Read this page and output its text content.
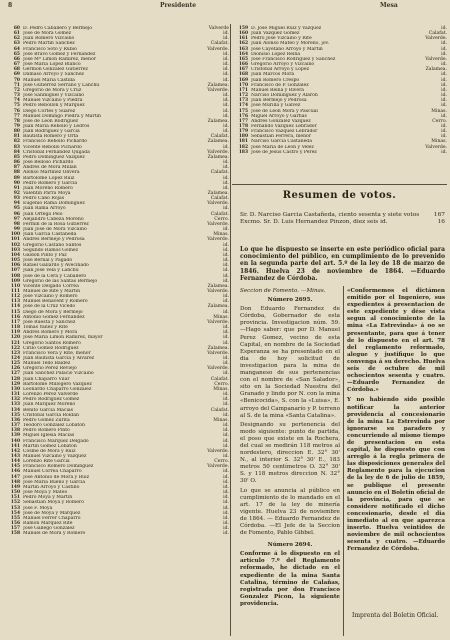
8	Presidente	Mesa
60 D. Pedro Caballero y Bermejo	Valverde
61 José de Mora Gomez	id.
62 Juan Romero Vizcaino	id.
63 Pedro Martin Sanchez	Calafat.
64 Francisco Soto y Rubio	Valverde.
65 José Bravo Gomez y Fernandez	id.
66 José Mª Limon Ramirez, menor	id.
67 José María Lopez Blanco	id.
68 Germon Gonzalez Gutierrez	id.
69 Damaso Arroyo y Sanchez	id.
70 Manuel Maria Castilla	id.
71 José Gutierrez Serrano y Lanchu	Zalamea.
72 Gregorio de Mora y Cruz	Valverde.
73 José Sanmiguel y Vizcaino	id.
74 Manuel Vizcaino y Piedra	id.
75 Pedro Rebollon y Marquez	id.
76 Diego Cortes y Suarez	id.
77 Manuel Domingo Piedra y Martin	id.
78 José de Leon Rodriguez	Zalamea.
79 Juan María Rebollo y Ledros	id.
80 Juan Rodriguez y Garcia	id.
81 Bautista Romero y Orta	Calafat.
82 Francisco Rebollo Pichardo	Zalamea.
83 Vicente Rebollo Pichardo	id.
84 Cristóbal Fernandez Quijada	Valverde.
85 Pedro Dominguez Vazquez	Zalamea.
86 José Belloso Pichardo	id.
87 Andrés de Mora Millan	id.
88 Alonso Martinez Olivera	Calafat.
89 Bartolomé Lopez Ruiz	id.
90 Pedro Romero y Garcia	id.
91 Juan Moreno Romero	id.
92 Valentin Parra Moya	Zalamea.
93 Pedro Cano Rojas	Calafat.
94 Eugenio Rama Dominguez	Valverde.
95 Juan Rama Arroyo	id.
96 Juan Ortega Pelo	Calafat.
97 Alejandro Cabeza Moreno	Cerro.
98 Fermin de la Rosa Gutierrez	Valverde.
99 Juan José de Mora Vizcaino	id.
100 Juan Garcia Castaneda	Minas.
101 Andrés Bermejo y Pedrosa	Valverde.
102 Gregorio Castaño Santos	id.
103 Segundo Ramos Gomez	id.
104 Galdon Pinto y Paz	id.
105 José Bernal y Pagado	id.
106 Rafael Gallardo y Avecinado	id.
107 Juan José Vela y Lanchu	id.
108 José de la Cera y Caballero	id.
109 Gregorio de las Santas Bermejo	id.
110 Vicente Delgado Correa	Zalamea.
111 Manuel de Rite y Martin	Valverde.
112 José Vizcaino y Romero	id.
113 Manuel Benavent y Romero	id.
114 José de la Cruz Vicedo	Zalamea.
115 Diego de Mora y Bermejo	id.
116 Antonio Gomez Fernandez	Minas.
117 José Ruesta y Sanchez	Valverde.
118 Tomas Yanez y Rite	id.
119 Andres Romero y Mora	id.
120 José Maria Limon Ramirez, mayor	id.
121 Gregorio Santos Romero	id.
122 Cirilo Gomez Rodriguez	Zalamea.
123 Francisco Vera y Rite, menor	Valverde.
124 Juan Bautista Garcia y Alvarez	id.
125 Manuel Tello Baidez	id.
126 Gregorio Perez Reviejo	Valverde.
127 Juan Sanchez Palacio Vizcaino	id.
128 Juan Chaparro Vilar	Calafat.
129 Bartolomé Millogero Vazquez	Cerro.
130 Leonardo Chaparro Gonzalez	Minas.
131 Lorenzo Perez Valverde	id.
132 Pedro Rodriguez Gomez	id.
133 Juan Marquez Moreno	id.
134 Benito Garcia Macias	Calafat.
135 Cristóbal Garcia Roldan	id.
136 Pedro Gomez Zurita	Minas.
137 Teodoro Gonzalez Lobaton	id.
138 Pedro Romero Pinto	id.
139 Miguel Iglesia Macias	id.
140 Francisco Marquez Delgado	id.
141 Martin Gomez Lobaton	id.
142 Cosme de Mora y Ruiz	Valverde.
143 Manuel Vizcaino y Vazquez	id.
144 Lorenzo Rite Garcia	Cerro.
145 Francisco Romero Dominguez	Valverde.
146 Manuel Correa Chaparro	id.
147 José Antonio de Mora y Ruiz	id.
148 José Maria Bueno y Garcia	id.
149 Martin Arroyo y Castillo	id.
150 José Moya y Mateo	id.
151 Pedro Moya y Martin	id.
152 Sebastian Moya y Romero	id.
153 José F. Moya	id.
154 José de Moya y Marquez	id.
155 Manuel Ferrer Chaparro	id.
156 Ramon Marquez Rite	id.
157 José Gallego Gonzalez	id.
158 Manuel de Mora y Romero	id.
159 D. José Miguel Ruiz y Vazquez	id.
160 Juan Vazquez Gomez	Calafat.
161 Pedro José Vizcaino y Rite	Valverde.
162 Juan Alonso Mateo y Moreno, jóv.	id.
163 José Cayetano Arroyo y Martin	id.
164 Dionisio Lopez Reina	id.
165 José Francisco Rodriguez y Sanchez	Valverde.
166 Gregorio Arroyo y Vizcaino	id.
167 Cristóbal Arroyo y Lopez	Zalamea.
168 Juan Marcos Mora	id.
169 Juan Romero Crespo	id.
170 Francisco de P. Gonzalez	id.
171 Manuel Reina y Rivera	id.
172 Narciso Dominguez y Alaron	id.
173 Juan Bermejo y Pedrosa	id.
174 José Murilla y Galvez	id.
175 José de Leon Mora y Pascual	Minas.
176 Miguel Arroyo y Garfias	id.
177 Andres Gonzalez Vazquez	Cerro.
178 Fernando Vazquez Lebrador	id.
179 Francisco Vazquez Lebrador	id.
180 Sebastian Ferrera, menor	id.
181 Narciso Garcia Castaneda	Minas.
182 José Maria de Leon y Velez	Valverde.
183 José de Jesus Castro y Perez	id.
Resumen de votos.
Sr. D. Narciso Garcia Castañeda, ciento sesenta y siete votos	167
Excmo. Sr. D. Luis Hernandez Pinzon, diez seis id.	16
Lo que he dispuesto se inserte en este periódico oficial para conocimiento del público, en cumplimiento de lo prevenido en la segunda parte del art. 5.º de la ley de 18 de marzo de 1846. Huelva 23 de noviembre de 1864. —Eduardo Fernandez de Córdoba.
Seccion de Fomento. —Minas.
Número 2695.
Don Eduardo Fernandez de Córdoba, Gobernador de esta provincia. Investigacion núm. 59. —Hago saber: que por D. Manuel Perez Gomez, vecino de esta Capital, en nombre de la Sociedad Esperanza se ha presentado en el dia de hoy solicitud de investigacion para la mina de manganeso de sus pertenencias con el nombre de «San Salador», sito en la Sociedad Nuestra del Granado y lindo por N. con la mina «Benicocida», S. con la «Luisa», E. arroyo del Campanario y P. terreno al S. de la mina «Santa Catalina».
Designando su pertenencia del modo siguiente: punto de partida, el poso que existe en la Rochera, del cual se medirán 118 metros al nordestero, direccion E. 32° 30' N., al interior S. 32° 30' E., 183 metros 50 centímetros O. 32° 30' S. y 118 metros direccion N. 32° 30' O.
Lo que se anuncia al público en cumplimiento de lo mandado en el art. 17 de la ley de minería vigente. Huelva 23 de noviembre de 1864. — Eduardo Fernandez de Córdoba. —El Jefe de la Seccion de Fomento, Pablo Gibbel.
Número 2694.
Conforme á lo dispuesto en el artículo 7.º del Reglamento reformado, he dictado en el expediente de la mina Santa Catalina, término de Calañas, registrada por don Francisco Gonzalez Picon, la siguiente providencia.
«Conformemos el dictámen emitido por el Ingeniero, sus expedientes á presentacion de este expediente y dése vista segun al conocimiento de la mina «La Estrevinda» á oo se presentante, para que á tener de lo dispuesto en el art. 78 del reglamento reformado, alegue y justifique lo que convenga á su derecho. Huelva seis de octubre de mil ochocientos sesenta y cuatro. —Eduardo Fernandez de Córdoba.»
Y no habiendo sido posible notificar la anterior providencia al concesionario de la mina La Estrevinda por ignorarse su paradero y concurriendo al mismo tiempo de presentacion en esta capital, he dispuesto que con arreglo á la regla primera de las disposiciones generales del Reglamento para la ejecucion de la ley de 6 de julio de 1859, se publique el presente anuncio en el Boletin oficial de la provincia, para que se considere notificado el dicho concesionario, desde el dia inmediato al en que aparezca inserto. Huelva veintidos de noviembre de mil ochocientos sesenta y cuatro. —Eduardo Fernandez de Córdoba.
Imprenta del Boletin Oficial.
